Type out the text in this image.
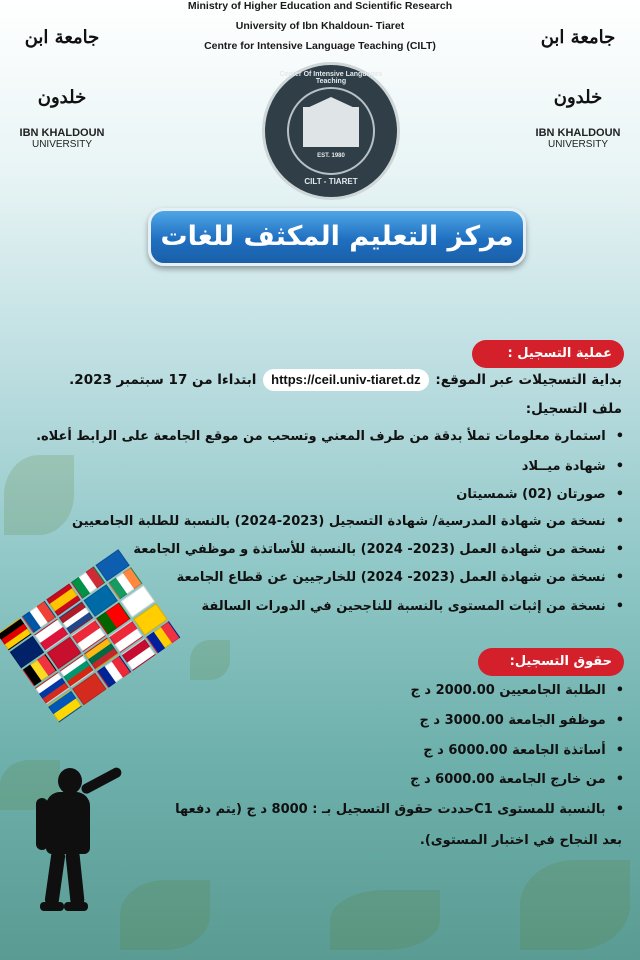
Ministry of Higher Education and Scientific Research
University of Ibn Khaldoun- Tiaret
Centre for Intensive Language Teaching (CILT)
جامعة ابن خلدون
IBN KHALDOUN
UNIVERSITY
جامعة ابن خلدون
IBN KHALDOUN
UNIVERSITY
Center Of Intensive Languages Teaching
EST. 1980
CILT - TIARET
مركز التعليم المكثف للغات
عملية التسجيل :
بداية التسجيلات عبر الموقع: https://ceil.univ-tiaret.dz ابتداءا من 17 سبتمبر 2023.
ملف التسجيل:
• استمارة معلومات تملأ بدقة من طرف المعني وتسحب من موقع الجامعة على الرابط أعلاه.
• شهادة ميــلاد
• صورتان (02) شمسيتان
• نسخة من شهادة المدرسية/ شهادة التسجيل (2023-2024) بالنسبة للطلبة الجامعيين
• نسخة من شهادة العمل (2023- 2024) بالنسبة للأساتذة و موظفي الجامعة
• نسخة من شهادة العمل (2023- 2024) للخارجيين عن قطاع الجامعة
• نسخة من إثبات المستوى بالنسبة للناجحين في الدورات السالفة
حقوق التسجيل:
• الطلبة الجامعيين 2000.00 د ج
• موظفو الجامعة 3000.00 د ج
• أساتذة الجامعة 6000.00 د ج
• من خارج الجامعة 6000.00 د ج
• بالنسبة للمستوى C1حددت حقوق التسجيل بـ : 8000 د ج (يتم دفعها
بعد النجاح في اختبار المستوى).
